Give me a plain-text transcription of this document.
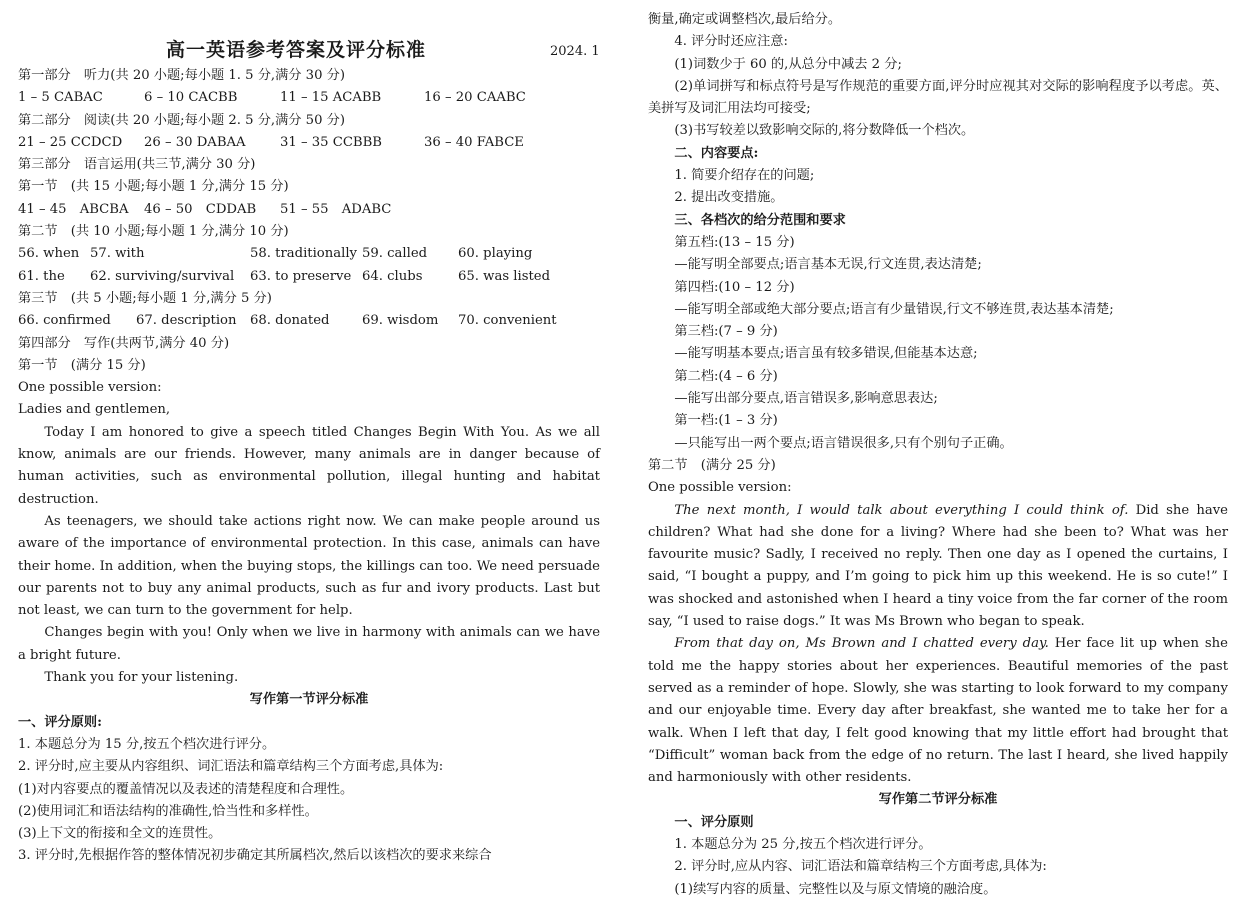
高一英语参考答案及评分标准	2024. 1
第一部分　听力(共 20 小题;每小题 1. 5 分,满分 30 分)
1 – 5 CABAC	6 – 10 CACBB	11 – 15 ACABB	16 – 20 CAABC
第二部分　阅读(共 20 小题;每小题 2. 5 分,满分 50 分)
21 – 25 CCDCD 26 – 30 DABAA	31 – 35 CCBBB	36 – 40 FABCE
第三部分　语言运用(共三节,满分 30 分)
第一节　(共 15 小题;每小题 1 分,满分 15 分)
41 – 45　ABCBA 46 – 50　CDDAB 51 – 55　ADABC
第二节　(共 10 小题;每小题 1 分,满分 10 分)
56. when 57. with	58. traditionally 59. called 60. playing
61. the 62. surviving/survival 63. to preserve 64. clubs	65. was listed
第三节　(共 5 小题;每小题 1 分,满分 5 分)
66. confirmed 67. description 68. donated 69. wisdom 70. convenient
第四部分　写作(共两节,满分 40 分)
第一节　(满分 15 分)
One possible version:
Ladies and gentlemen,

Today I am honored to give a speech titled Changes Begin With You. As we all know, animals are our friends. However, many animals are in danger because of human activities, such as environmental pollution, illegal hunting and habitat destruction.

As teenagers, we should take actions right now. We can make people around us aware of the importance of environmental protection. In this case, animals can have their home. In addition, when the buying stops, the killings can too. We need persuade our parents not to buy any animal products, such as fur and ivory products. Last but not least, we can turn to the government for help.

Changes begin with you! Only when we live in harmony with animals can we have a bright future.

Thank you for your listening.

写作第一节评分标准
一、评分原则:
1. 本题总分为 15 分,按五个档次进行评分。
2. 评分时,应主要从内容组织、词汇语法和篇章结构三个方面考虑,具体为:
(1)对内容要点的覆盖情况以及表述的清楚程度和合理性。
(2)使用词汇和语法结构的准确性,恰当性和多样性。
(3)上下文的衔接和全文的连贯性。
3. 评分时,先根据作答的整体情况初步确定其所属档次,然后以该档次的要求来综合
衡量,确定或调整档次,最后给分。
4. 评分时还应注意:
(1)词数少于 60 的,从总分中减去 2 分;

(2)单词拼写和标点符号是写作规范的重要方面,评分时应视其对交际的影响程度予以考虑。英、美拼写及词汇用法均可接受;

(3)书写较差以致影响交际的,将分数降低一个档次。
二、内容要点:
1. 简要介绍存在的问题;
2. 提出改变措施。
三、各档次的给分范围和要求
第五档:(13 – 15 分)
—能写明全部要点;语言基本无误,行文连贯,表达清楚;
第四档:(10 – 12 分)
—能写明全部或绝大部分要点;语言有少量错误,行文不够连贯,表达基本清楚;
第三档:(7 – 9 分)
—能写明基本要点;语言虽有较多错误,但能基本达意;
第二档:(4 – 6 分)
—能写出部分要点,语言错误多,影响意思表达;
第一档:(1 – 3 分)
—只能写出一两个要点;语言错误很多,只有个别句子正确。
第二节　(满分 25 分)
One possible version:

The next month, I would talk about everything I could think of. Did she have children? What had she done for a living? Where had she been to? What was her favourite music? Sadly, I received no reply. Then one day as I opened the curtains, I said, “I bought a puppy, and I’m going to pick him up this weekend. He is so cute!” I was shocked and astonished when I heard a tiny voice from the far corner of the room say, “I used to raise dogs.” It was Ms Brown who began to speak.

From that day on, Ms Brown and I chatted every day. Her face lit up when she told me the happy stories about her experiences. Beautiful memories of the past served as a reminder of hope. Slowly, she was starting to look forward to my company and our enjoyable time. Every day after breakfast, she wanted me to take her for a walk. When I left that day, I felt good knowing that my little effort had brought that “Difficult” woman back from the edge of no return. The last I heard, she lived happily and harmoniously with other residents.

写作第二节评分标准
一、评分原则
1. 本题总分为 25 分,按五个档次进行评分。
2. 评分时,应从内容、词汇语法和篇章结构三个方面考虑,具体为:
(1)续写内容的质量、完整性以及与原文情境的融洽度。
